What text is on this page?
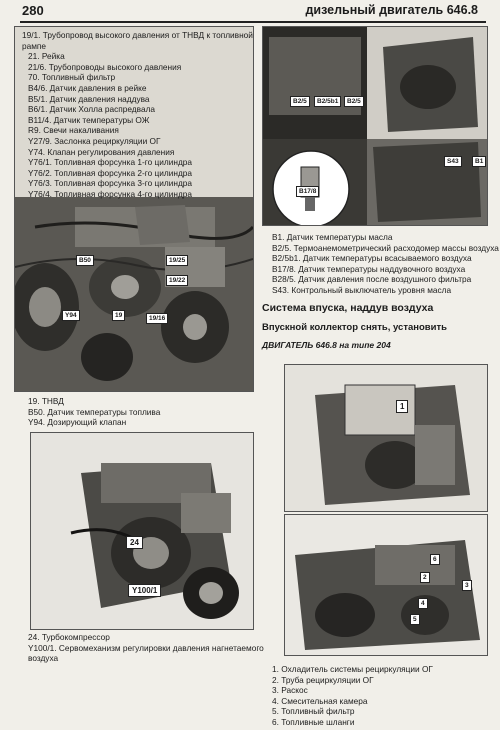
280	дизельный двигатель 646.8
19/1. Трубопровод высокого давления от ТНВД к топливной
рампе
21. Рейка
21/6. Трубопроводы высокого давления
70. Топливный фильтр
B4/6. Датчик давления в рейке
B5/1. Датчик давления наддува
B6/1. Датчик Холла распредвала
B11/4. Датчик температуры ОЖ
R9. Свечи накаливания
Y27/9. Заслонка рециркуляции ОГ
Y74. Клапан регулирования давления
Y76/1. Топливная форсунка 1-го цилиндра
Y76/2. Топливная форсунка 2-го цилиндра
Y76/3. Топливная форсунка 3-го цилиндра
Y76/4. Топливная форсунка 4-го цилиндра
B50	19/25
19/22
Y94	19	19/16
19. ТНВД
B50. Датчик температуры топлива
Y94. Дозирующий клапан
24
Y100/1
24. Турбокомпрессор
Y100/1. Сервомеханизм регулировки давления нагнетаемого
воздуха
B2/5	B2/5b1	B2/5
S43	B1
B17/8
B1. Датчик температуры масла
B2/5. Термоанемометрический расходомер массы воздуха
B2/5b1. Датчик температуры всасываемого воздуха
B17/8. Датчик температуры наддувочного воздуха
B28/5. Датчик давления после воздушного фильтра
S43. Контрольный выключатель уровня масла
Система впуска, наддув воздуха
Впускной коллектор снять, установить
ДВИГАТЕЛЬ 646.8 на типе 204
1
2
3
4
5
6
1. Охладитель системы рециркуляции ОГ
2. Труба рециркуляции ОГ
3. Раскос
4. Смесительная камера
5. Топливный фильтр
6. Топливные шланги
